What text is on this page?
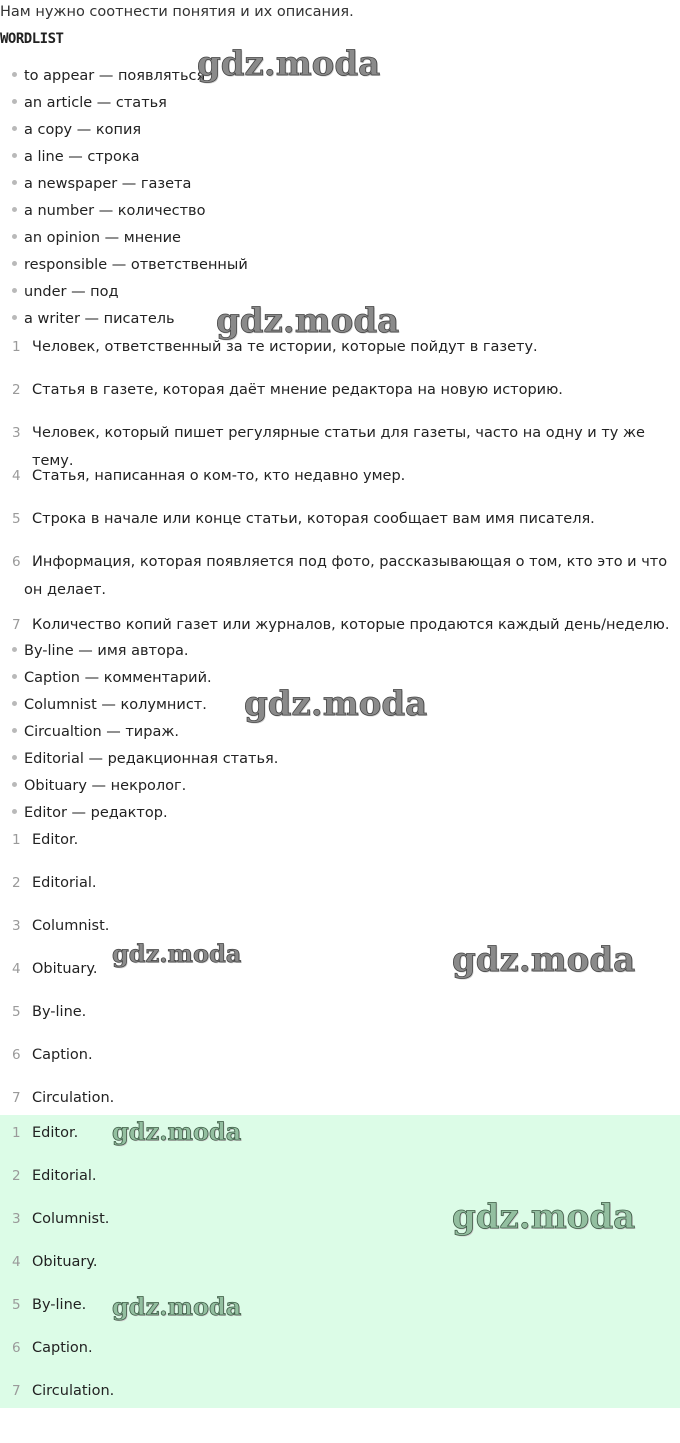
Нам нужно соотнести понятия и их описания.
WORDLIST
to appear — появляться
an article — статья
a copy — копия
a line — строка
a newspaper — газета
a number — количество
an opinion — мнение
responsible — ответственный
under — под
a writer — писатель
1 Человек, ответственный за те истории, которые пойдут в газету.
2 Статья в газете, которая даёт мнение редактора на новую историю.
3 Человек, который пишет регулярные статьи для газеты, часто на одну и ту же тему.
4 Статья, написанная о ком-то, кто недавно умер.
5 Строка в начале или конце статьи, которая сообщает вам имя писателя.
6 Информация, которая появляется под фото, рассказывающая о том, кто это и что он делает.
7 Количество копий газет или журналов, которые продаются каждый день/неделю.
By-line — имя автора.
Caption — комментарий.
Columnist — колумнист.
Circualtion — тираж.
Editorial — редакционная статья.
Obituary — некролог.
Editor — редактор.
1 Editor.
2 Editorial.
3 Columnist.
4 Obituary.
5 By-line.
6 Caption.
7 Circulation.
1 Editor.
2 Editorial.
3 Columnist.
4 Obituary.
5 By-line.
6 Caption.
7 Circulation.
gdz.moda
gdz.moda
gdz.moda
gdz.moda	gdz.moda
gdz.moda
gdz.moda
gdz.moda
